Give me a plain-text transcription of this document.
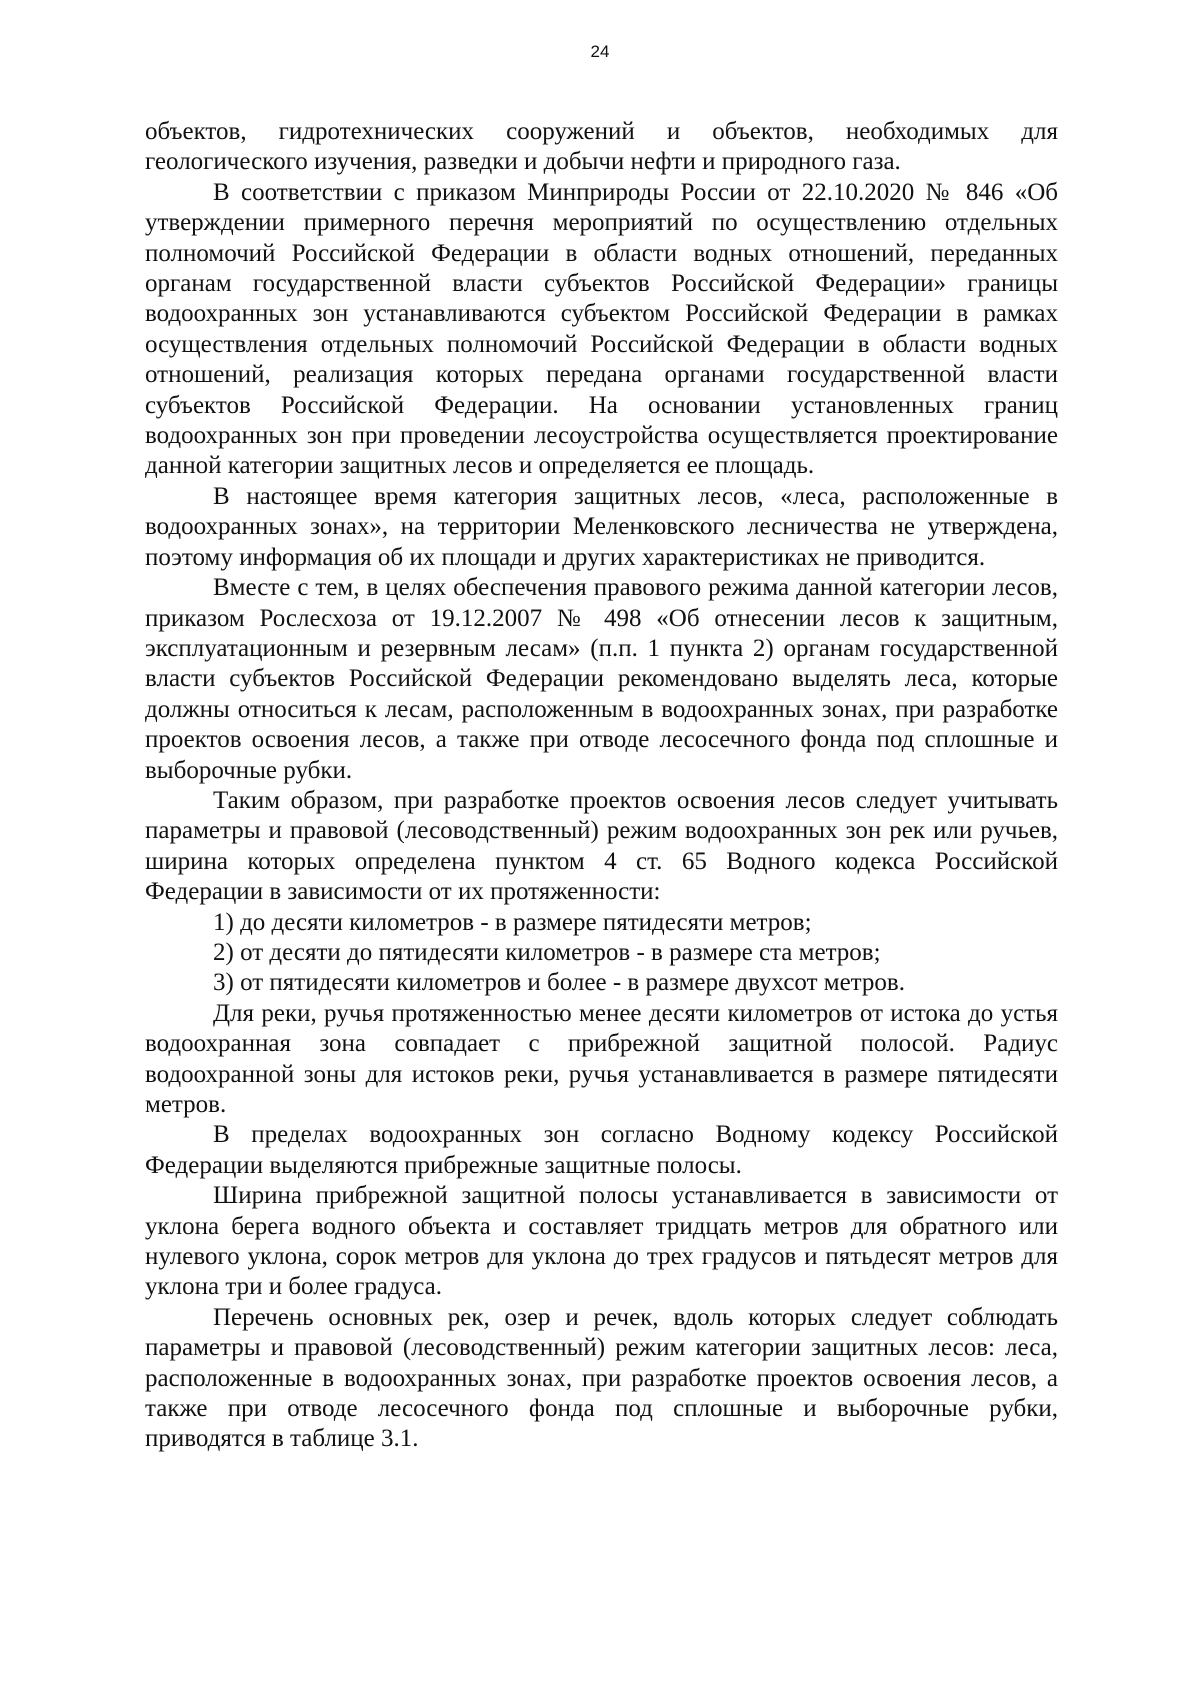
24

объектов, гидротехнических сооружений и объектов, необходимых для геологического изучения, разведки и добычи нефти и природного газа.

В соответствии с приказом Минприроды России от 22.10.2020 № 846 «Об утверждении примерного перечня мероприятий по осуществлению отдельных полномочий Российской Федерации в области водных отношений, переданных органам государственной власти субъектов Российской Федерации» границы водоохранных зон устанавливаются субъектом Российской Федерации в рамках осуществления отдельных полномочий Российской Федерации в области водных отношений, реализация которых передана органами государственной власти субъектов Российской Федерации. На основании установленных границ водоохранных зон при проведении лесоустройства осуществляется проектирование данной категории защитных лесов и определяется ее площадь.

В настоящее время категория защитных лесов, «леса, расположенные в водоохранных зонах», на территории Меленковского лесничества не утверждена, поэтому информация об их площади и других характеристиках не приводится.

Вместе с тем, в целях обеспечения правового режима данной категории лесов, приказом Рослесхоза от 19.12.2007 № 498 «Об отнесении лесов к защитным, эксплуатационным и резервным лесам» (п.п. 1 пункта 2) органам государственной власти субъектов Российской Федерации рекомендовано выделять леса, которые должны относиться к лесам, расположенным в водоохранных зонах, при разработке проектов освоения лесов, а также при отводе лесосечного фонда под сплошные и выборочные рубки.

Таким образом, при разработке проектов освоения лесов следует учитывать параметры и правовой (лесоводственный) режим водоохранных зон рек или ручьев, ширина которых определена пунктом 4 ст. 65 Водного кодекса Российской Федерации в зависимости от их протяженности:

1) до десяти километров - в размере пятидесяти метров;

2) от десяти до пятидесяти километров - в размере ста метров;

3) от пятидесяти километров и более - в размере двухсот метров.

Для реки, ручья протяженностью менее десяти километров от истока до устья водоохранная зона совпадает с прибрежной защитной полосой. Радиус водоохранной зоны для истоков реки, ручья устанавливается в размере пятидесяти метров.

В пределах водоохранных зон согласно Водному кодексу Российской Федерации выделяются прибрежные защитные полосы.

Ширина прибрежной защитной полосы устанавливается в зависимости от уклона берега водного объекта и составляет тридцать метров для обратного или нулевого уклона, сорок метров для уклона до трех градусов и пятьдесят метров для уклона три и более градуса.

Перечень основных рек, озер и речек, вдоль которых следует соблюдать параметры и правовой (лесоводственный) режим категории защитных лесов: леса, расположенные в водоохранных зонах, при разработке проектов освоения лесов, а также при отводе лесосечного фонда под сплошные и выборочные рубки, приводятся в таблице 3.1.
